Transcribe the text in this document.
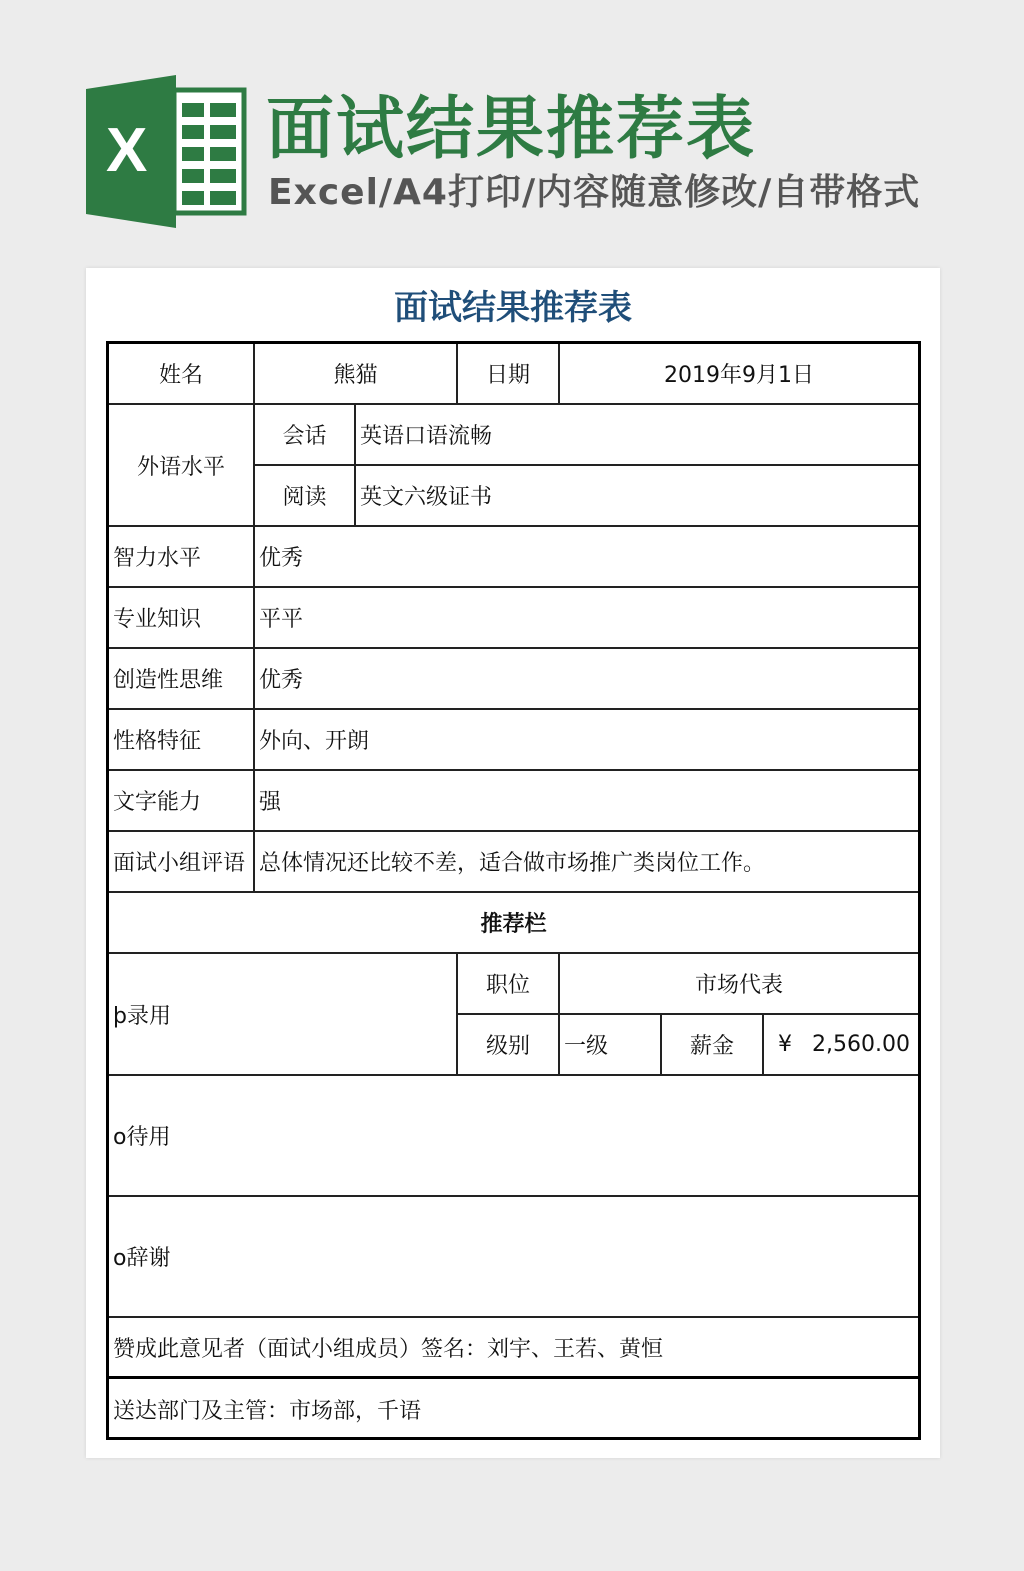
X 面试结果推荐表
Excel/A4打印/内容随意修改/自带格式
面试结果推荐表
姓名	熊猫	日期	2019年9月1日
外语水平
会话	英语口语流畅
阅读	英文六级证书
智力水平	优秀
专业知识	平平
创造性思维	优秀
性格特征	外向、开朗
文字能力	强
面试小组评语 总体情况还比较不差，适合做市场推广类岗位工作。
推荐栏
þ录用
职位	市场代表
级别	一级	薪金	¥ 2,560.00
o待用
o辞谢
赞成此意见者（面试小组成员）签名：刘宇、王若、黄恒
送达部门及主管：市场部，千语
